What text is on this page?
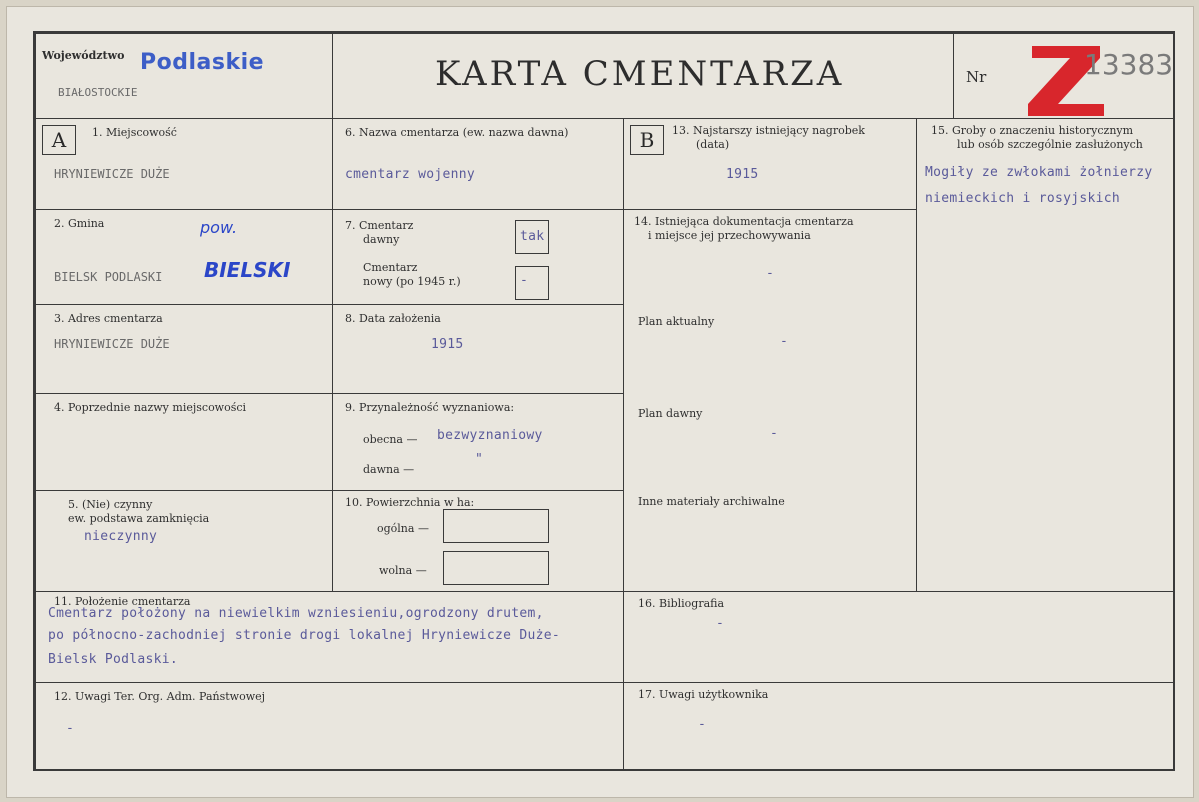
Województwo Podlaskie
BIAŁOSTOCKIE	KARTA CMENTARZA	Nr	13383
A	1. Miejscowość
HRYNIEWICZE DUŻE
2. Gmina	pow.
BIELSK PODLASKI BIELSKI
3. Adres cmentarza
HRYNIEWICZE DUŻE
4. Poprzednie nazwy miejscowości
5. (Nie) czynny
ew. podstawa zamknięcia
nieczynny
6. Nazwa cmentarza (ew. nazwa dawna)
cmentarz wojenny
7. Cmentarz
dawny	tak
Cmentarz
nowy (po 1945 r.)	-
8. Data założenia
1915
9. Przynależność wyznaniowa:
obecna — bezwyznaniowy
dawna —
"
10. Powierzchnia w ha:
ogólna —
wolna —
B	13. Najstarszy istniejący nagrobek
(data)
1915
14. Istniejąca dokumentacja cmentarza
i miejsce jej przechowywania
-
Plan aktualny
-
Plan dawny
-
Inne materiały archiwalne
15. Groby o znaczeniu historycznym
lub osób szczególnie zasłużonych
Mogiły ze zwłokami żołnierzy
niemieckich i rosyjskich
11. Położenie cmentarza
Cmentarz położony na niewielkim wzniesieniu,ogrodzony drutem,
po północno-zachodniej stronie drogi lokalnej Hryniewicze Duże-
Bielsk Podlaski.
16. Bibliografia
-
12. Uwagi Ter. Org. Adm. Państwowej
-
17. Uwagi użytkownika
-
